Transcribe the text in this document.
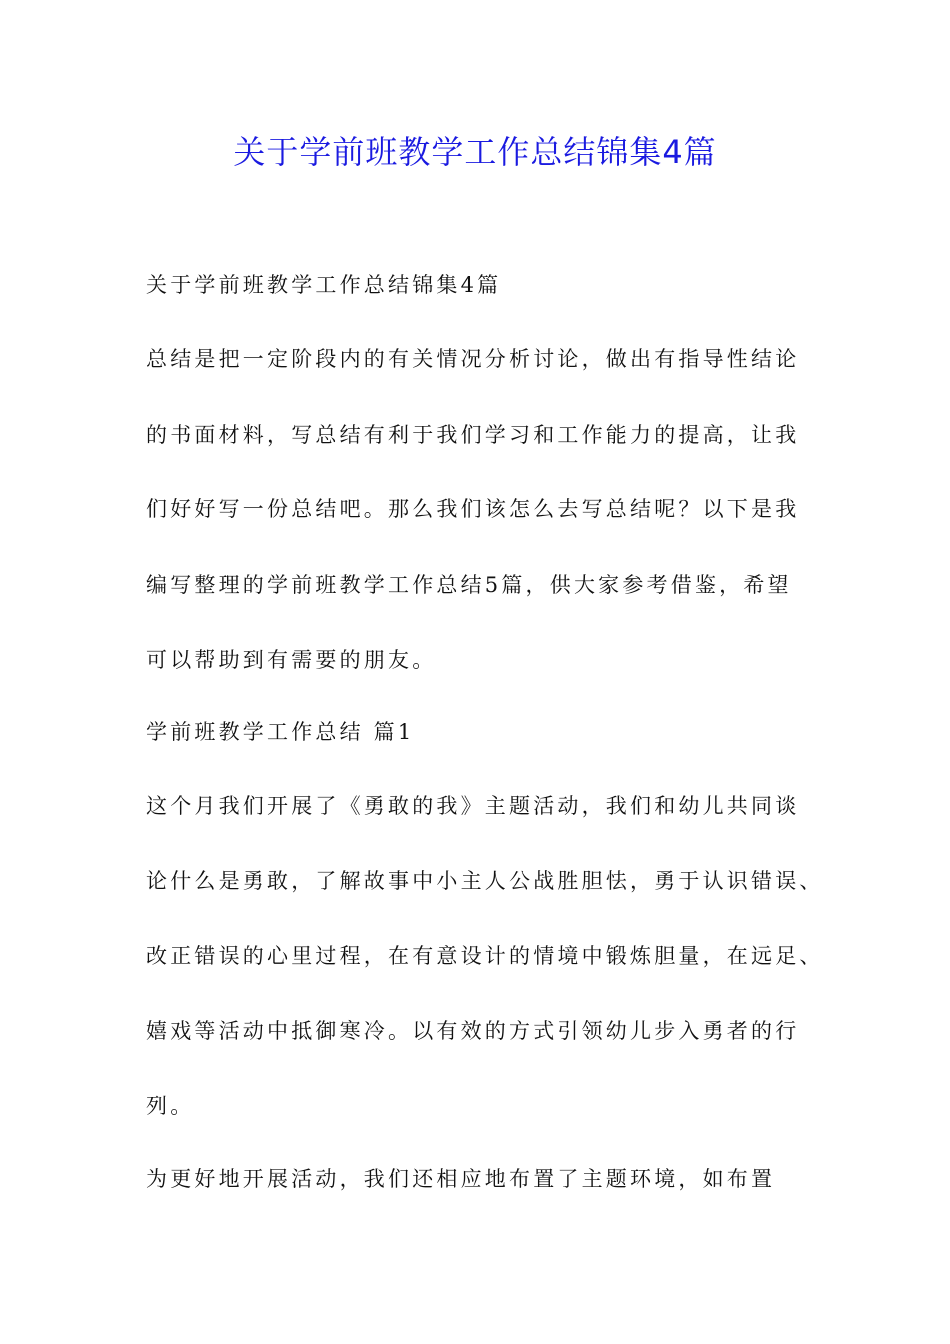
关于学前班教学工作总结锦集4篇

关于学前班教学工作总结锦集4篇

总结是把一定阶段内的有关情况分析讨论，做出有指导性结论

的书面材料，写总结有利于我们学习和工作能力的提高，让我

们好好写一份总结吧。那么我们该怎么去写总结呢？以下是我

编写整理的学前班教学工作总结5篇，供大家参考借鉴，希望

可以帮助到有需要的朋友。

学前班教学工作总结 篇1

这个月我们开展了《勇敢的我》主题活动，我们和幼儿共同谈

论什么是勇敢，了解故事中小主人公战胜胆怯，勇于认识错误、

改正错误的心里过程，在有意设计的情境中锻炼胆量，在远足、

嬉戏等活动中抵御寒冷。以有效的方式引领幼儿步入勇者的行

列。

为更好地开展活动，我们还相应地布置了主题环境，如布置
